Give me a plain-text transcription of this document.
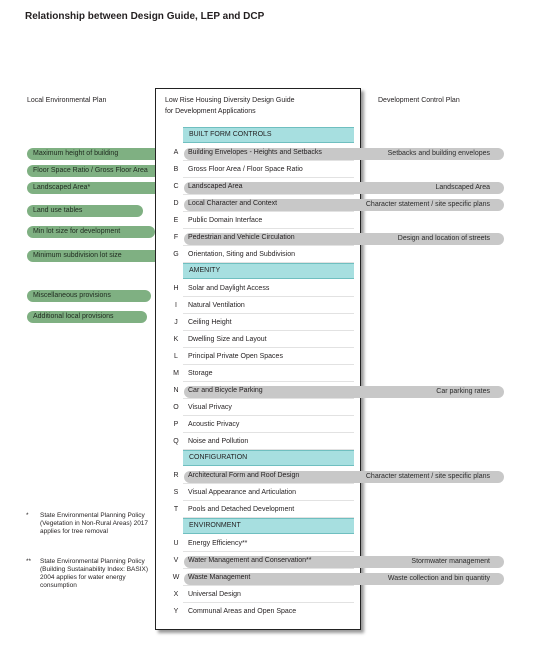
Relationship between Design Guide, LEP and DCP
Local Environmental Plan	Development Control Plan
Low Rise Housing Diversity Design Guide
for Development Applications
Maximum height of building
Floor Space Ratio / Gross Floor Area
Landscaped Area*
Land use tables
Min lot size for development
Minimum subdivision lot size
Miscellaneous provisions
Additional local provisions
Setbacks and building envelopes
Landscaped Area
Character statement / site specific plans
Design and location of streets
Car parking rates
Character statement / site specific plans
Stormwater management
Waste collection and bin quantity
BUILT FORM CONTROLS
A	Building Envelopes - Heights and Setbacks
B	Gross Floor Area / Floor Space Ratio
C	Landscaped Area
D	Local Character and Context
E	Public Domain Interface
F	Pedestrian and Vehicle Circulation
G	Orientation, Siting and Subdivision
AMENITY
H	Solar and Daylight Access
I	Natural Ventilation
J	Ceiling Height
K	Dwelling Size and Layout
L	Principal Private Open Spaces
M	Storage
N	Car and Bicycle Parking
O	Visual Privacy
P	Acoustic Privacy
Q	Noise and Pollution
CONFIGURATION
R	Architectural Form and Roof Design
S	Visual Appearance and Articulation
T	Pools and Detached Development
ENVIRONMENT
U	Energy Efficiency**
V	Water Management and Conservation**
W	Waste Management
X	Universal Design
Y	Communal Areas and Open Space
* State Environmental Planning Policy (Vegetation in Non-Rural Areas) 2017 applies for tree removal
** State Environmental Planning Policy (Building Sustainability Index: BASIX) 2004 applies for water energy consumption
